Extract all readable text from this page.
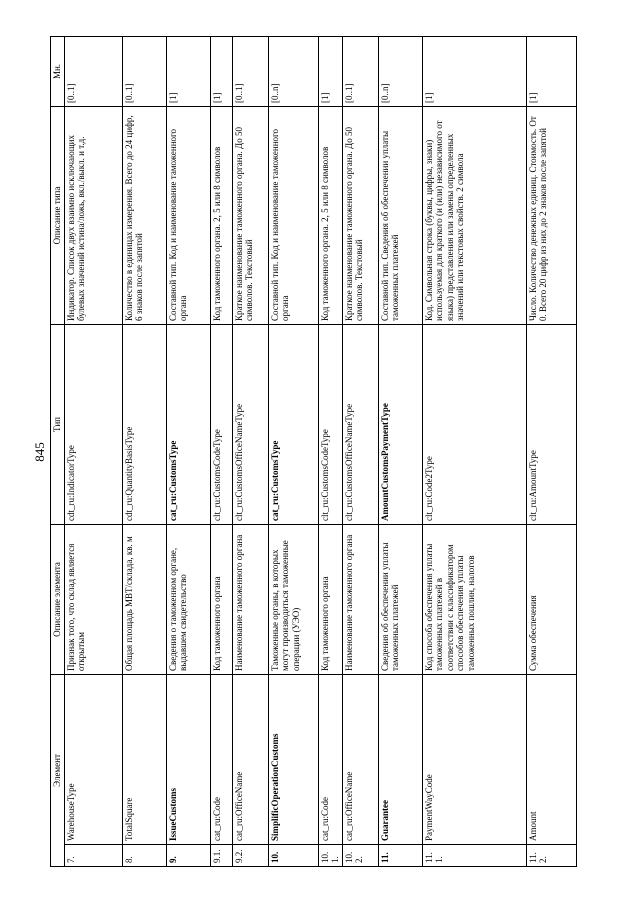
845
Элемент		Описание элемента	Тип	Описание типа	Мн.
7.	WarehouseType	Признак того, что склад является открытым	cdt_ru:IndicatorType	Индикатор. Список двух взаимно исключающих булевых значений истина/ложь, вкл./выкл. и т.д.	[0..1]
8.	TotalSquare	Общая площадь МВТ/склада, кв. м	cdt_ru:QuantityBasisType	Количество в единицах измерения. Всего до 24 цифр, 6 знаков после запятой	[0..1]
9.	IssueCustoms	Сведения о таможенном органе, выдавшем свидетельство	cat_ru:CustomsType	Составной тип. Код и наименование таможенного органа	[1]
9.1.	cat_ru:Code	Код таможенного органа	clt_ru:CustomsCodeType	Код таможенного органа. 2, 5 или 8 символов	[1]
9.2.	cat_ru:OfficeName	Наименование таможенного органа	clt_ru:CustomsOfficeNameType	Краткое наименование таможенного органа. До 50 символов. Текстовый	[0..1]
10.	SimplificOperationCustoms	Таможенные органы, в которых могут производиться таможенные операции (УЭО)	cat_ru:CustomsType	Составной тип. Код и наименование таможенного органа	[0..n]
10.1.	cat_ru:Code	Код таможенного органа	clt_ru:CustomsCodeType	Код таможенного органа. 2, 5 или 8 символов	[1]
10.2.	cat_ru:OfficeName	Наименование таможенного органа	clt_ru:CustomsOfficeNameType	Краткое наименование таможенного органа. До 50 символов. Текстовый	[0..1]
11.	Guarantee	Сведения об обеспечении уплаты таможенных платежей	AmountCustomsPaymentType	Составной тип. Сведения об обеспечении уплаты таможенных платежей	[0..n]
11.1.	PaymentWayCode	Код способа обеспечения уплаты таможенных платежей в соответствии с классификатором способов обеспечения уплаты таможенных пошлин, налогов	clt_ru:Code2Type	Код. Символьная строка (буквы, цифры, знаки) используемая для краткого (и (или) независимого от языка) представления или замены определенных значений или текстовых свойств. 2 символа	[1]
11.2.	Amount	Сумма обеспечения	clt_ru:AmountType	Число. Количество денежных единиц. Стоимость. От 0. Всего 20 цифр из них до 2 знаков после запятой	[1]
